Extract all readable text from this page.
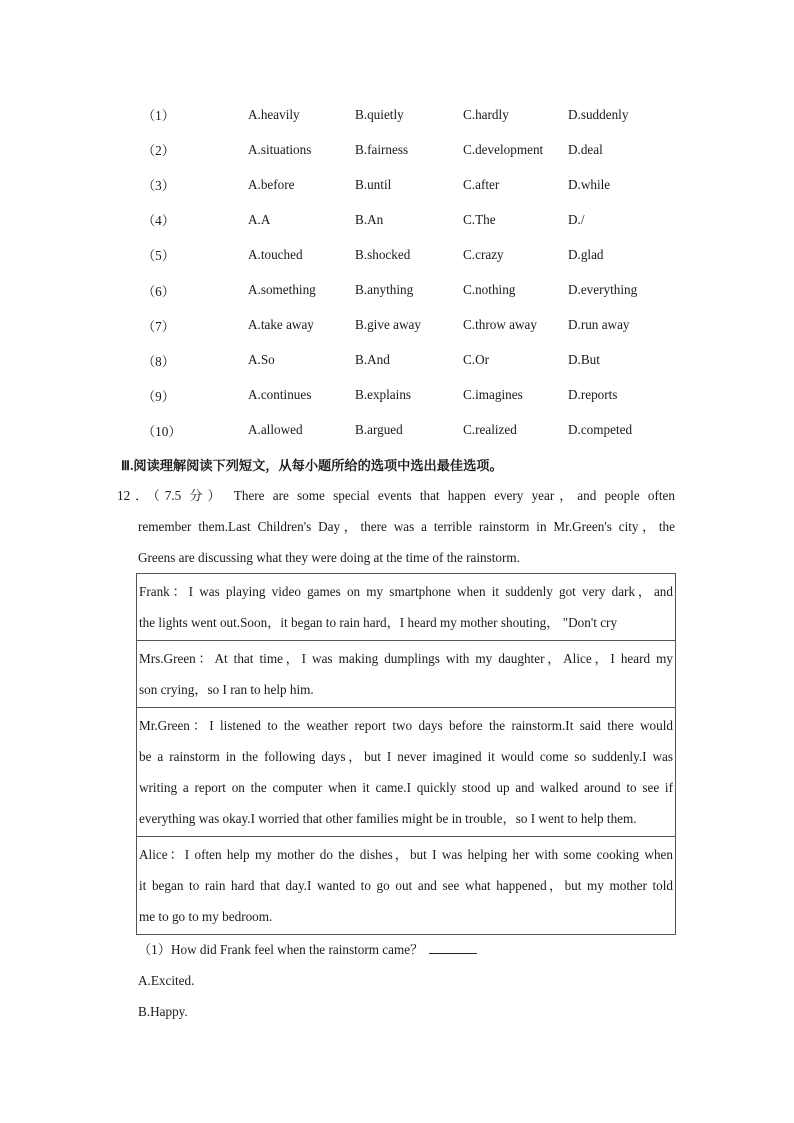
（1）	A.heavily	B.quietly	C.hardly	D.suddenly
（2）	A.situations	B.fairness	C.development	D.deal
（3）	A.before	B.until	C.after	D.while
（4）	A.A	B.An	C.The	D./
（5）	A.touched	B.shocked	C.crazy	D.glad
（6）	A.something	B.anything	C.nothing	D.everything
（7）	A.take away	B.give away	C.throw away	D.run away
（8）	A.So	B.And	C.Or	D.But
（9）	A.continues	B.explains	C.imagines	D.reports
（10）	A.allowed	B.argued	C.realized	D.competed
Ⅲ.阅读理解阅读下列短文，从每小题所给的选项中选出最佳选项。
12．（7.5 分） There are some special events that happen every year，and people often
remember them.Last Children's Day，there was a terrible rainstorm in Mr.Green's city，the
Greens are discussing what they were doing at the time of the rainstorm.
Frank：I was playing video games on my smartphone when it suddenly got very dark，and
the lights went out.Soon，it began to rain hard，I heard my mother shouting， "Don't cry

Mrs.Green：At that time，I was making dumplings with my daughter，Alice，I heard my
son crying，so I ran to help him.

Mr.Green：I listened to the weather report two days before the rainstorm.It said there would
be a rainstorm in the following days，but I never imagined it would come so suddenly.I was
writing a report on the computer when it came.I quickly stood up and walked around to see if
everything was okay.I worried that other families might be in trouble，so I went to help them.

Alice：I often help my mother do the dishes，but I was helping her with some cooking when
it began to rain hard that day.I wanted to go out and see what happened，but my mother told
me to go to my bedroom.
（1）How did Frank feel when the rainstorm came？
A.Excited.
B.Happy.
